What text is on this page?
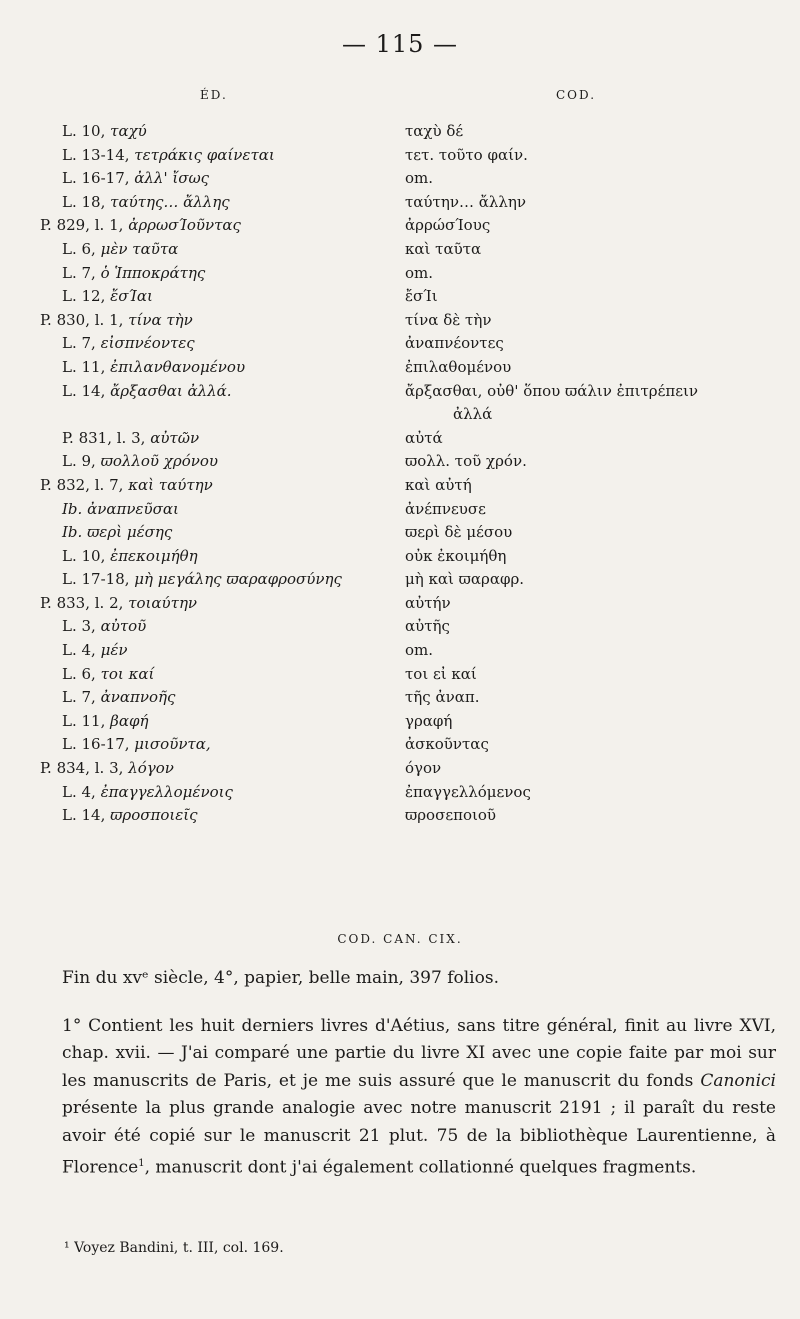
— 115 —
ÉD.	COD.
L. 10, ταχύ	ταχὺ δέ
L. 13-14, τετράκις φαίνεται	τετ. τοῦτο φαίν.
L. 16-17, ἀλλ' ἴσως	om.
L. 18, ταύτης… ἄλλης	ταύτην… ἄλλην
P. 829, l. 1, ἀρρωσΊοῦντας	ἀρρώσΊους
L. 6, μὲν ταῦτα	καὶ ταῦτα
L. 7, ὁ Ἱπποκράτης	om.
L. 12, ἔσΊαι	ἔσΊι
P. 830, l. 1, τίνα τὴν	τίνα δὲ τὴν
L. 7, εἰσπνέοντες	ἀναπνέοντες
L. 11, ἐπιλανθανομένου	ἐπιλαθομένου
L. 14, ἄρξασθαι ἀλλά.	ἄρξασθαι, οὐθ' ὅπου ϖάλιν ἐπιτρέπειν
ἀλλά
P. 831, l. 3, αὐτῶν	αὐτά
L. 9, ϖολλοῦ χρόνου	ϖολλ. τοῦ χρόν.
P. 832, l. 7, καὶ ταύτην	καὶ αὐτή
Ib. ἀναπνεῦσαι	ἀνέπνευσε
Ib. ϖερὶ μέσης	ϖερὶ δὲ μέσου
L. 10, ἐπεκοιμήθη	οὐκ ἐκοιμήθη
L. 17-18, μὴ μεγάλης ϖαραφροσύνης	μὴ καὶ ϖαραφρ.
P. 833, l. 2, τοιαύτην	αὐτήν
L. 3, αὐτοῦ	αὐτῆς
L. 4, μέν	om.
L. 6, τοι καί	τοι εἰ καί
L. 7, ἀναπνοῆς	τῆς ἀναπ.
L. 11, βαφή	γραφή
L. 16-17, μισοῦντα,	ἀσκοῦντας
P. 834, l. 3, λόγον	όγον
L. 4, ἐπαγγελλομένοις	ἐπαγγελλόμενος
L. 14, ϖροσποιεῖς	ϖροσεποιοῦ
COD. CAN. CIX.
Fin du xvᵉ siècle, 4°, papier, belle main, 397 folios.
1° Contient les huit derniers livres d'Aétius, sans titre général, finit au livre XVI, chap. xvii. — J'ai comparé une partie du livre XI avec une copie faite par moi sur les manuscrits de Paris, et je me suis assuré que le manuscrit du fonds Canonici présente la plus grande analogie avec notre manuscrit 2191 ; il paraît du reste avoir été copié sur le manuscrit 21 plut. 75 de la bibliothèque Laurentienne, à Florence$^1$, manuscrit dont j'ai également collationné quelques fragments.
¹ Voyez Bandini, t. III, col. 169.
